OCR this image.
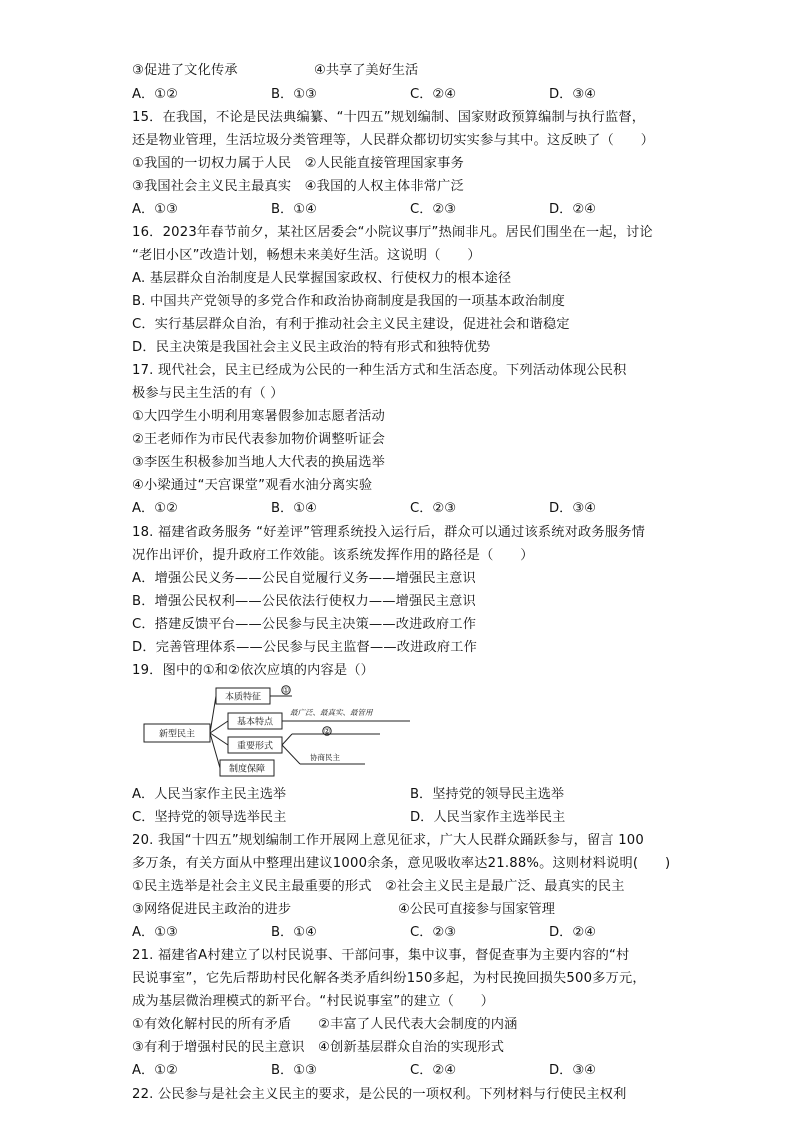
③促进了文化传承	④共享了美好生活
A．①②	B．①③	C．②④	D．③④
15．在我国，不论是民法典编纂、“十四五”规划编制、国家财政预算编制与执行监督，
还是物业管理，生活垃圾分类管理等，人民群众都切切实实参与其中。这反映了（　　）
①我国的一切权力属于人民　②人民能直接管理国家事务
③我国社会主义民主最真实　④我国的人权主体非常广泛
A．①③	B．①④	C．②③	D．②④
16．2023年春节前夕，某社区居委会“小院议事厅”热闹非凡。居民们围坐在一起，讨论
“老旧小区”改造计划，畅想未来美好生活。这说明（　　）
A. 基层群众自治制度是人民掌握国家政权、行使权力的根本途径
B. 中国共产党领导的多党合作和政治协商制度是我国的一项基本政治制度
C．实行基层群众自治，有利于推动社会主义民主建设，促进社会和谐稳定
D．民主决策是我国社会主义民主政治的特有形式和独特优势
17. 现代社会，民主已经成为公民的一种生活方式和生活态度。下列活动体现公民积
极参与民主生活的有（ ）
①大四学生小明利用寒暑假参加志愿者活动
②王老师作为市民代表参加物价调整听证会
③李医生积极参加当地人大代表的换届选举
④小梁通过“天宫课堂”观看水油分离实验
A．①②	B．①④	C．②③	D．③④
18. 福建省政务服务 “好差评”管理系统投入运行后，群众可以通过该系统对政务服务情
况作出评价，提升政府工作效能。该系统发挥作用的路径是（　　）
A．增强公民义务——公民自觉履行义务——增强民主意识
B．增强公民权利——公民依法行使权力——增强民主意识
C．搭建反馈平台——公民参与民主决策——改进政府工作
D．完善管理体系——公民参与民主监督——改进政府工作
19．图中的①和②依次应填的内容是（）
新型民主
本质特征
基本特点
重要形式
制度保障
①
②
最广泛、最真实、最管用
协商民主
A．人民当家作主民主选举	B．坚持党的领导民主选举
C．坚持党的领导选举民主	D．人民当家作主选举民主
20. 我国“十四五”规划编制工作开展网上意见征求，广大人民群众踊跃参与，留言 100
多万条，有关方面从中整理出建议1000余条，意见吸收率达21.88%。这则材料说明(　　)
①民主选举是社会主义民主最重要的形式　②社会主义民主是最广泛、最真实的民主
③网络促进民主政治的进步	④公民可直接参与国家管理
A．①③	B．①④	C．②③	D．②④
21. 福建省A村建立了以村民说事、干部问事，集中议事，督促查事为主要内容的“村
民说事室”，它先后帮助村民化解各类矛盾纠纷150多起，为村民挽回损失500多万元，
成为基层微治理模式的新平台。“村民说事室”的建立（　　）
①有效化解村民的所有矛盾　　②丰富了人民代表大会制度的内涵
③有利于增强村民的民主意识　④创新基层群众自治的实现形式
A．①②	B．①③	C．②④	D．③④
22. 公民参与是社会主义民主的要求，是公民的一项权利。下列材料与行使民主权利
